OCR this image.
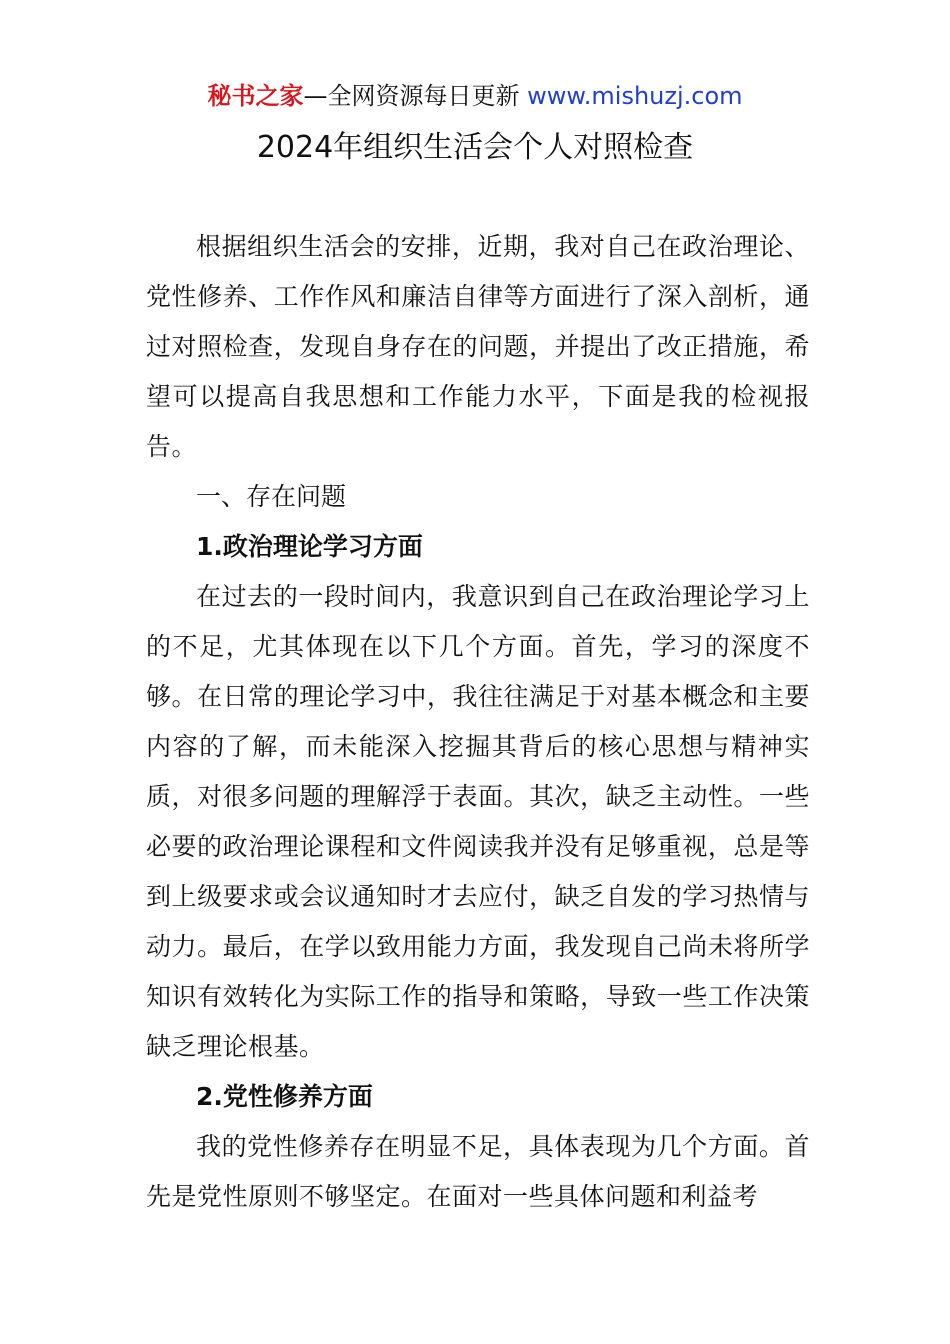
秘书之家—全网资源每日更新 www.mishuzj.com
2024年组织生活会个人对照检查

根据组织生活会的安排，近期，我对自己在政治理论、党性修养、工作作风和廉洁自律等方面进行了深入剖析，通过对照检查，发现自身存在的问题，并提出了改正措施，希望可以提高自我思想和工作能力水平，下面是我的检视报告。

一、存在问题

1.政治理论学习方面

在过去的一段时间内，我意识到自己在政治理论学习上的不足，尤其体现在以下几个方面。首先，学习的深度不够。在日常的理论学习中，我往往满足于对基本概念和主要内容的了解，而未能深入挖掘其背后的核心思想与精神实质，对很多问题的理解浮于表面。其次，缺乏主动性。一些必要的政治理论课程和文件阅读我并没有足够重视，总是等到上级要求或会议通知时才去应付，缺乏自发的学习热情与动力。最后，在学以致用能力方面，我发现自己尚未将所学知识有效转化为实际工作的指导和策略，导致一些工作决策缺乏理论根基。

2.党性修养方面

我的党性修养存在明显不足，具体表现为几个方面。首先是党性原则不够坚定。在面对一些具体问题和利益考
